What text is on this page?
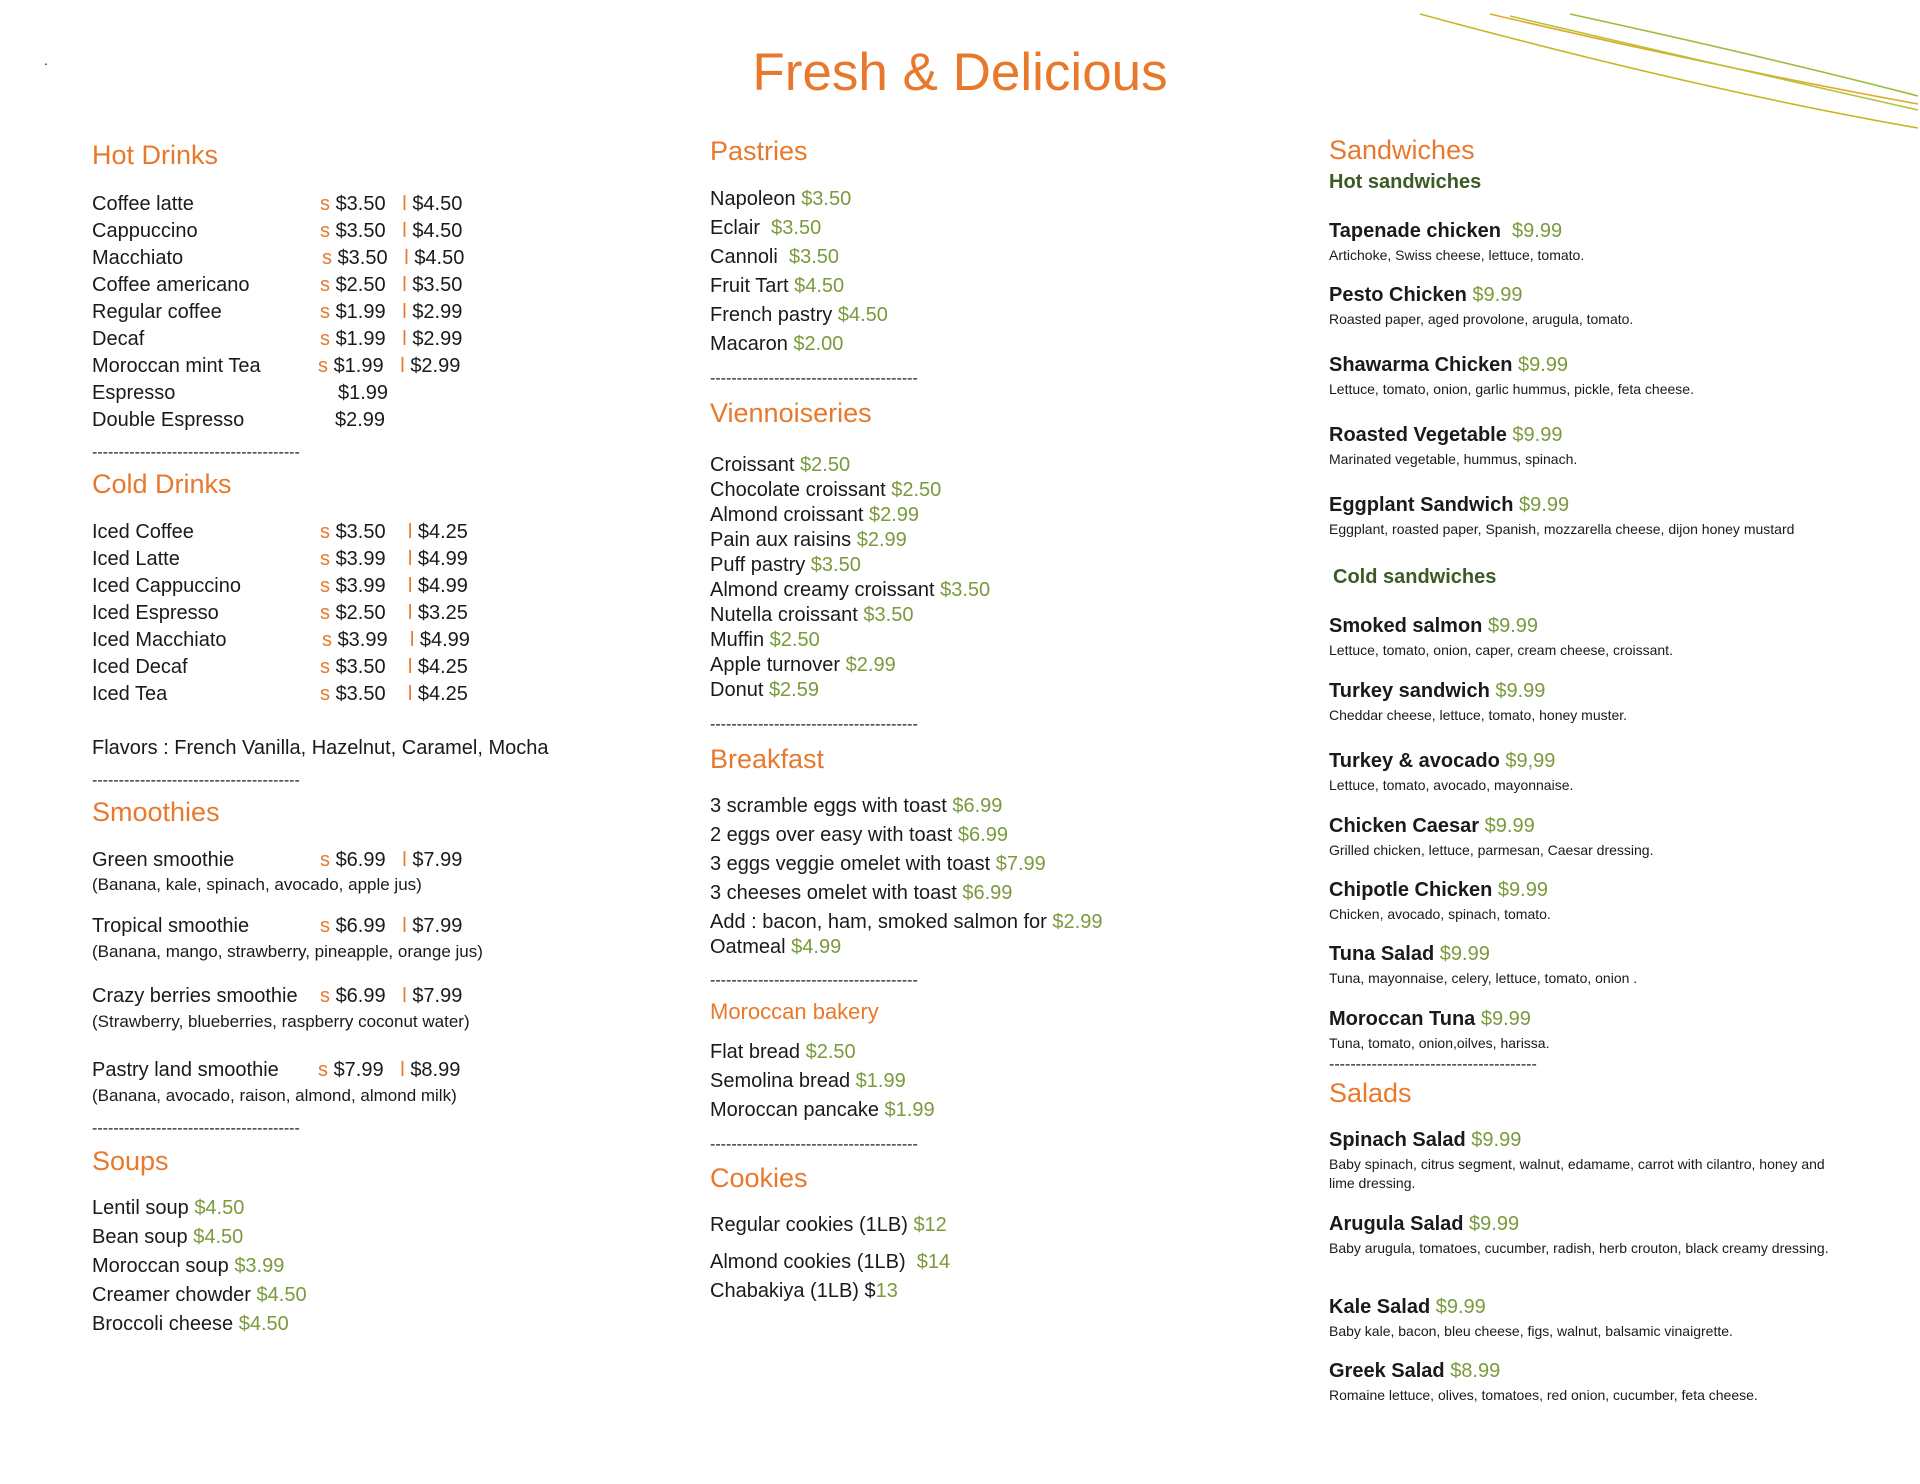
.	Fresh & Delicious
Hot Drinks
Coffee latte	s $3.50 l $4.50
Cappuccino	s $3.50 l $4.50
Macchiato	s $3.50 l $4.50
Coffee americano	s $2.50 l $3.50
Regular coffee	s $1.99 l $2.99
Decaf	s $1.99 l $2.99
Moroccan mint Tea	s $1.99 l $2.99
Espresso	$1.99
Double Espresso	$2.99
---------------------------------------
Cold Drinks
Iced Coffee	s $3.50 l $4.25
Iced Latte	s $3.99 l $4.99
Iced Cappuccino	s $3.99 l $4.99
Iced Espresso	s $2.50 l $3.25
Iced Macchiato	s $3.99 l $4.99
Iced Decaf	s $3.50 l $4.25
Iced Tea	s $3.50 l $4.25
Flavors : French Vanilla, Hazelnut, Caramel, Mocha
---------------------------------------
Smoothies
Green smoothie	s $6.99 l $7.99
(Banana, kale, spinach, avocado, apple jus)
Tropical smoothie	s $6.99 l $7.99
(Banana, mango, strawberry, pineapple, orange jus)
Crazy berries smoothie s $6.99 l $7.99
(Strawberry, blueberries, raspberry coconut water)
Pastry land smoothie s $7.99 l $8.99
(Banana, avocado, raison, almond, almond milk)
---------------------------------------
Soups
Lentil soup $4.50
Bean soup $4.50
Moroccan soup $3.99
Creamer chowder $4.50
Broccoli cheese $4.50
Pastries
Napoleon $3.50
Eclair $3.50
Cannoli $3.50
Fruit Tart $4.50
French pastry $4.50
Macaron $2.00
---------------------------------------
Viennoiseries
Croissant $2.50
Chocolate croissant $2.50
Almond croissant $2.99
Pain aux raisins $2.99
Puff pastry $3.50
Almond creamy croissant $3.50
Nutella croissant $3.50
Muffin $2.50
Apple turnover $2.99
Donut $2.59
---------------------------------------
Breakfast
3 scramble eggs with toast $6.99
2 eggs over easy with toast $6.99
3 eggs veggie omelet with toast $7.99
3 cheeses omelet with toast $6.99
Add : bacon, ham, smoked salmon for $2.99
Oatmeal $4.99
---------------------------------------
Moroccan bakery
Flat bread $2.50
Semolina bread $1.99
Moroccan pancake $1.99
---------------------------------------
Cookies
Regular cookies (1LB) $12
Almond cookies (1LB) $14
Chabakiya (1LB) $13
Sandwiches
Hot sandwiches
Tapenade chicken $9.99
Artichoke, Swiss cheese, lettuce, tomato.
Pesto Chicken $9.99
Roasted paper, aged provolone, arugula, tomato.
Shawarma Chicken $9.99
Lettuce, tomato, onion, garlic hummus, pickle, feta cheese.
Roasted Vegetable $9.99
Marinated vegetable, hummus, spinach.
Eggplant Sandwich $9.99
Eggplant, roasted paper, Spanish, mozzarella cheese, dijon honey mustard
Cold sandwiches
Smoked salmon $9.99
Lettuce, tomato, onion, caper, cream cheese, croissant.
Turkey sandwich $9.99
Cheddar cheese, lettuce, tomato, honey muster.
Turkey & avocado $9,99
Lettuce, tomato, avocado, mayonnaise.
Chicken Caesar $9.99
Grilled chicken, lettuce, parmesan, Caesar dressing.
Chipotle Chicken $9.99
Chicken, avocado, spinach, tomato.
Tuna Salad $9.99
Tuna, mayonnaise, celery, lettuce, tomato, onion .
Moroccan Tuna $9.99
Tuna, tomato, onion,oilves, harissa.
---------------------------------------
Salads
Spinach Salad $9.99
Baby spinach, citrus segment, walnut, edamame, carrot with cilantro, honey and lime dressing.
Arugula Salad $9.99
Baby arugula, tomatoes, cucumber, radish, herb crouton, black creamy dressing.
Kale Salad $9.99
Baby kale, bacon, bleu cheese, figs, walnut, balsamic vinaigrette.
Greek Salad $8.99
Romaine lettuce, olives, tomatoes, red onion, cucumber, feta cheese.
